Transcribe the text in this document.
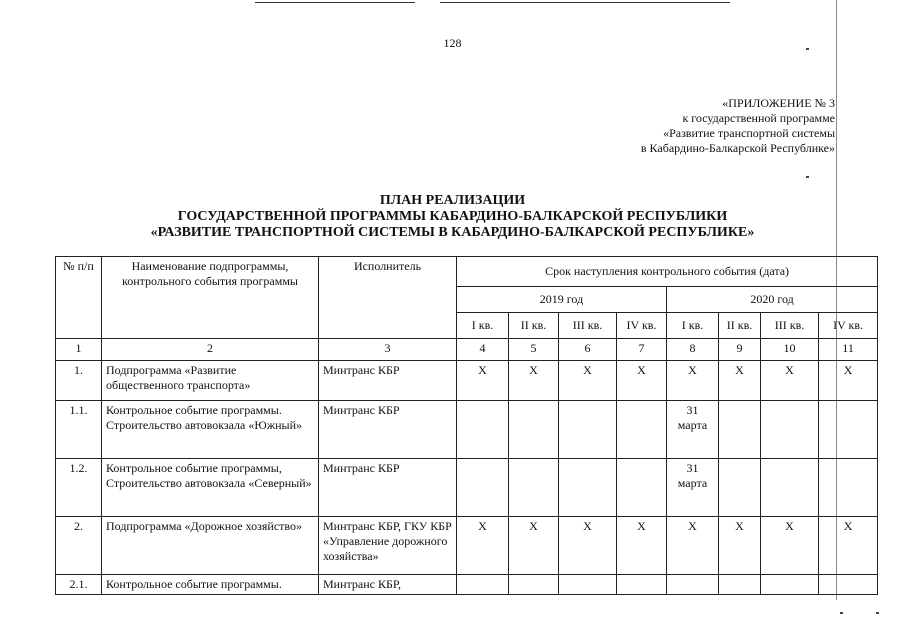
128
«ПРИЛОЖЕНИЕ № 3
к государственной программе
«Развитие транспортной системы
в Кабардино-Балкарской Республике»
ПЛАН РЕАЛИЗАЦИИ
ГОСУДАРСТВЕННОЙ ПРОГРАММЫ КАБАРДИНО-БАЛКАРСКОЙ РЕСПУБЛИКИ
«РАЗВИТИЕ ТРАНСПОРТНОЙ СИСТЕМЫ В КАБАРДИНО-БАЛКАРСКОЙ РЕСПУБЛИКЕ»
№ п/п	Наименование подпрограммы, контрольного события программы	Исполнитель	Срок наступления контрольного события (дата)							
			2019 год				2020 год			
			I кв.	II кв.	III кв.	IV кв.	I кв.	II кв.	III кв.	IV кв.
1	2	3	4	5	6	7	8	9	10	11
1.	Подпрограмма «Развитие общественного транспорта»	Минтранс КБР	Х	Х	Х	Х	Х	Х	Х	Х
1.1.	Контрольное событие программы. Строительство автовокзала «Южный»	Минтранс КБР					31 марта			
1.2.	Контрольное событие программы, Строительство автовокзала «Северный»	Минтранс КБР					31 марта			
2.	Подпрограмма «Дорожное хозяйство»	Минтранс КБР, ГКУ КБР «Управление дорожного хозяйства»	Х	Х	Х	Х	Х	Х	Х	Х
2.1.	Контрольное событие программы.	Минтранс КБР,								
